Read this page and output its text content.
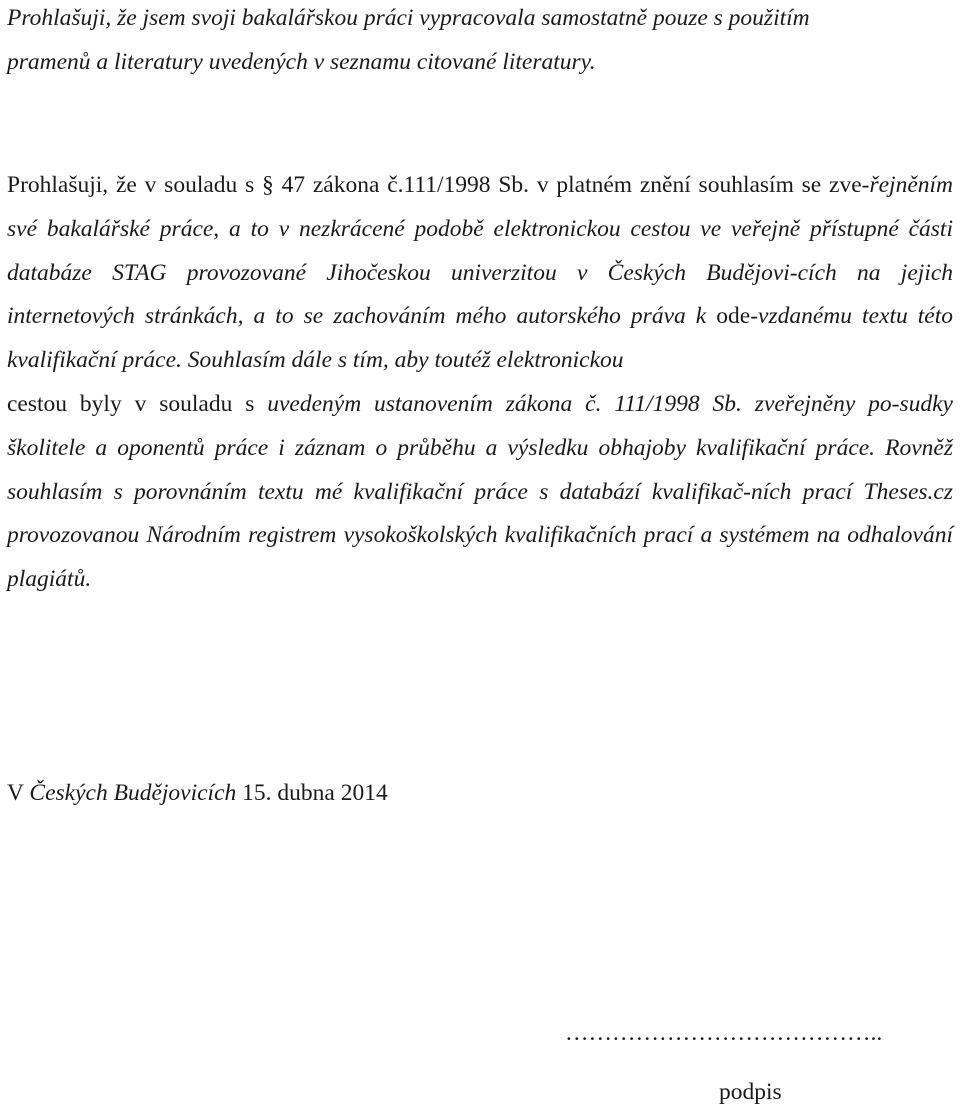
Prohlašuji, že jsem svoji bakalářskou práci vypracovala samostatně pouze s použitím
pramenů a literatury uvedených v seznamu citované literatury.

Prohlašuji, že v souladu s § 47 zákona č.111/1998 Sb. v platném znění souhlasím se zve-řejněním své bakalářské práce, a to v nezkrácené podobě elektronickou cestou ve veřejně přístupné části databáze STAG provozované Jihočeskou univerzitou v Českých Budějovi-cích na jejich internetových stránkách, a to se zachováním mého autorského práva k ode-vzdanému textu této kvalifikační práce. Souhlasím dále s tím, aby toutéž elektronickou
cestou byly v souladu s uvedeným ustanovením zákona č. 111/1998 Sb. zveřejněny po-sudky školitele a oponentů práce i záznam o průběhu a výsledku obhajoby kvalifikační práce. Rovněž souhlasím s porovnáním textu mé kvalifikační práce s databází kvalifikač-ních prací Theses.cz provozovanou Národním registrem vysokoškolských kvalifikačních prací a systémem na odhalování plagiátů.

V Českých Budějovicích 15. dubna 2014

…………………………………..
podpis
